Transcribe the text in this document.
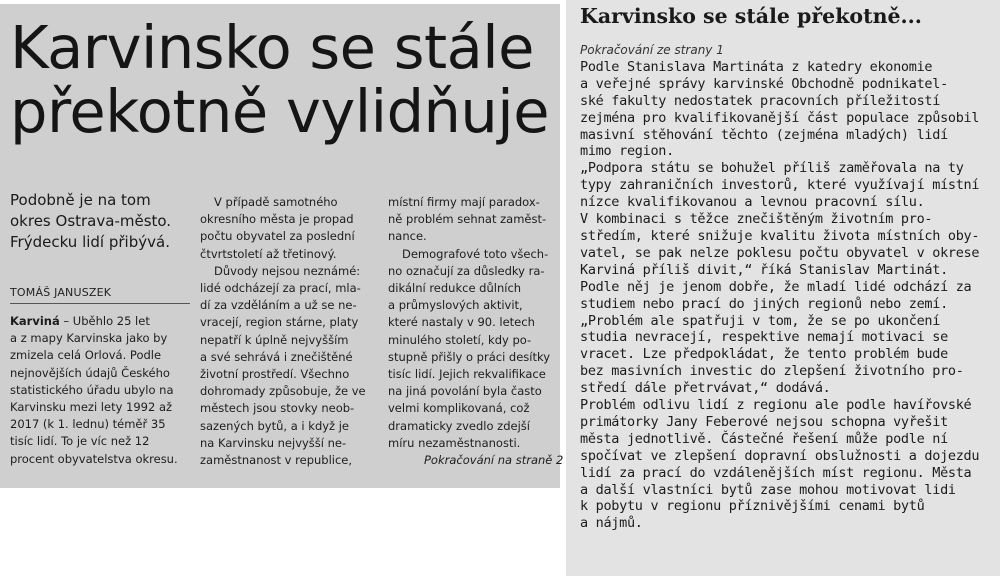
Karvinsko se stále
překotně vylidňuje

Podobně je na tom
okres Ostrava-město.
Frýdecku lidí přibývá.

TOMÁŠ JANUSZEK
Karviná – Uběhlo 25 let
a z mapy Karvinska jako by
zmizela celá Orlová. Podle
nejnovějších údajů Českého
statistického úřadu ubylo na
Karvinsku mezi lety 1992 až
2017 (k 1. lednu) téměř 35
tisíc lidí. To je víc než 12
procent obyvatelstva okresu.
V případě samotného
okresního města je propad
počtu obyvatel za poslední
čtvrtstoletí až třetinový.
Důvody nejsou neznámé:
lidé odcházejí za prací, mla-
dí za vzděláním a už se ne-
vracejí, region stárne, platy
nepatří k úplně nejvyšším
a své sehrává i znečištěné
životní prostředí. Všechno
dohromady způsobuje, že ve
městech jsou stovky neob-
sazených bytů, a i když je
na Karvinsku nejvyšší ne-
zaměstnanost v republice,
místní firmy mají paradox-
ně problém sehnat zaměst-
nance.
Demografové toto všech-
no označují za důsledky ra-
dikální redukce důlních
a průmyslových aktivit,
které nastaly v 90. letech
minulého století, kdy po-
stupně přišly o práci desítky
tisíc lidí. Jejich rekvalifikace
na jiná povolání byla často
velmi komplikovaná, což
dramaticky zvedlo zdejší
míru nezaměstnanosti.
Pokračování na straně 2
Karvinsko se stále překotně...
Pokračování ze strany 1
Podle Stanislava Martináta z katedry ekonomie
a veřejné správy karvinské Obchodně podnikatel-
ské fakulty nedostatek pracovních příležitostí
zejména pro kvalifikovanější část populace způsobil
masivní stěhování těchto (zejména mladých) lidí
mimo region.
„Podpora státu se bohužel příliš zaměřovala na ty
typy zahraničních investorů, které využívají místní
nízce kvalifikovanou a levnou pracovní sílu.
V kombinaci s těžce znečištěným životním pro-
středím, které snižuje kvalitu života místních oby-
vatel, se pak nelze poklesu počtu obyvatel v okrese
Karviná příliš divit,“ říká Stanislav Martinát.
Podle něj je jenom dobře, že mladí lidé odchází za
studiem nebo prací do jiných regionů nebo zemí.
„Problém ale spatřuji v tom, že se po ukončení
studia nevracejí, respektive nemají motivaci se
vracet. Lze předpokládat, že tento problém bude
bez masivních investic do zlepšení životního pro-
středí dále přetrvávat,“ dodává.
Problém odlivu lidí z regionu ale podle havířovské
primátorky Jany Feberové nejsou schopna vyřešit
města jednotlivě. Částečné řešení může podle ní
spočívat ve zlepšení dopravní obslužnosti a dojezdu
lidí za prací do vzdálenějších míst regionu. Města
a další vlastníci bytů zase mohou motivovat lidi
k pobytu v regionu příznivějšími cenami bytů
a nájmů.
